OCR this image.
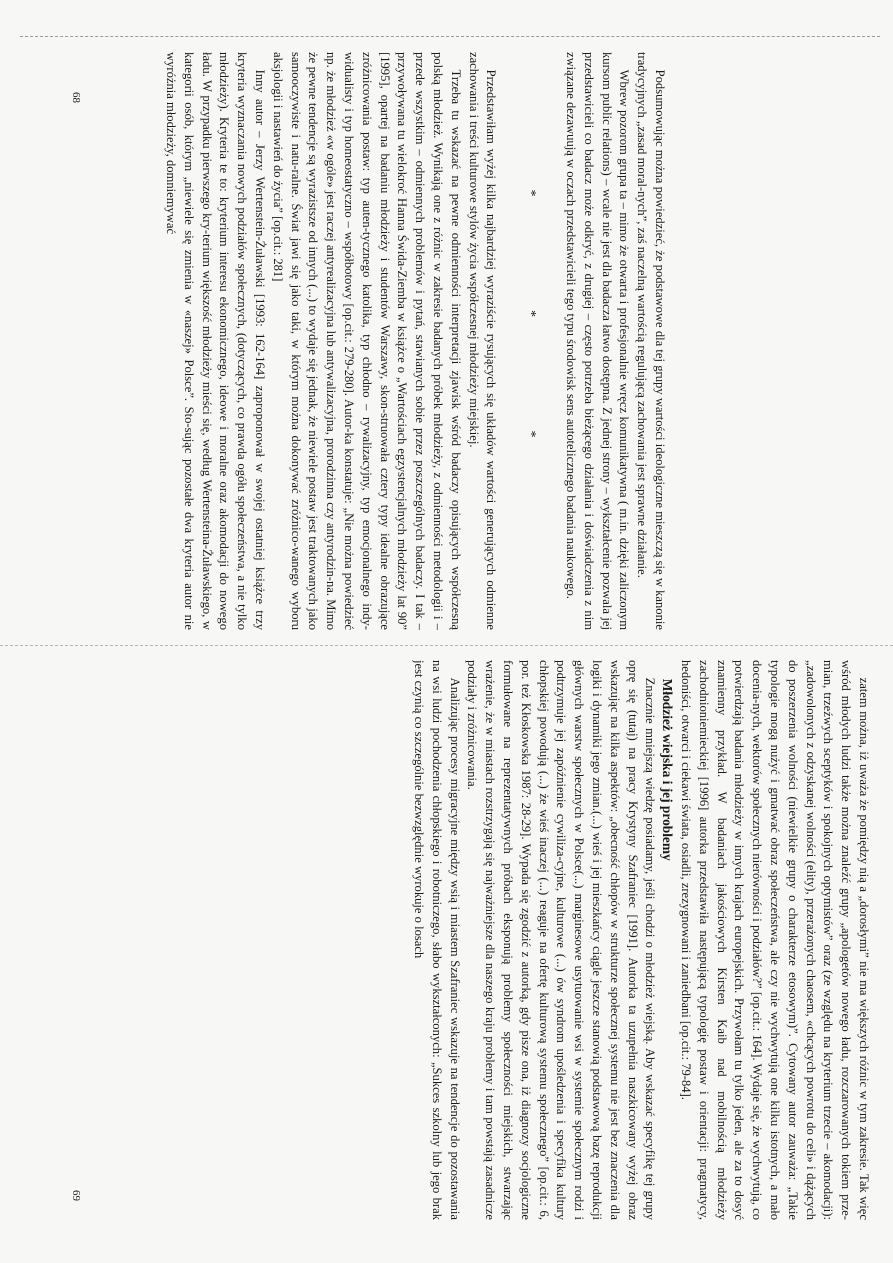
Podsumowując można powiedzieć, że podstawowe dla tej grupy wartości ideologiczne mieszczą się w kanonie tradycyjnych „zasad moral-nych”, zaś naczelną wartością regulującą zachowania jest sprawne działanie.

Wbrew pozorom grupa ta – mimo że otwarta i profesjonalnie wręcz komunikatywna ( m.in. dzięki zaliczonym kursom public relations) – wcale nie jest dla badacza łatwo dostępna. Z jednej strony – wykształcenie pozwala jej przedstawicieli co badacz może odkryć, z drugiej – często potrzeba bieżącego działania i doświadczenia z nim związane dezawuują w oczach przedstawicieli tego typu środowisk sens autotelicznego badania naukowego.

* * *

Przedstawiłam wyżej kilka najbardziej wyraziście rysujących się układów wartości generujących odmienne zachowania i treści kulturowe stylów życia współczesnej młodzieży miejskiej.

Trzeba tu wskazać na pewne odmienności interpretacji zjawisk wśród badaczy opisujących współczesną polską młodzież. Wynikają one z różnic w zakresie badanych próbek młodzieży, z odmienności metodologii i – przede wszystkim – odmiennych problemów i pytań, stawianych sobie przez poszczególnych badaczy. I tak – przywoływana tu wielokroć Hanna Świda-Ziemba w książce o „Wartościach egzystencjalnych młodzieży lat 90” [1995], opartej na badaniu młodzieży i studentów Warszawy, skon-struowała cztery typy idealne obrazujące zróżnicowania postaw: typ auten-tycznego katolika, typ chłodno – rywalizacyjny, typ emocjonalnego indy-widualisty i typ homeostatyczno – współbotowy [op.cit.: 279-280]. Autor-ka konstatuje: „Nie można powiedzieć np. że młodzież «w ogóle» jest raczej antyrealizacyjna lub antywalizacyjna, prorodzinna czy antyrodzin-na. Mimo że pewne tendencje są wyrazistsze od innych (...) to wydaje się jednak, że niewiele postaw jest traktowanych jako samooczywiste i natu-ralne. Świat jawi się jako taki, w którym można dokonywać zróżnico-wanego wyboru aksjologii i nastawień do życia” [op.cit.: 281]

Inny autor – Jerzy Wertenstein-Żuławski [1993: 162-164] zaproponował w swojej ostatniej książce trzy kryteria wyznaczania nowych podziałów społecznych, (dotyczących, co prawda ogółu społeczeństwa, a nie tylko młodzieży). Kryteria te to: kryterium interesu ekonomicznego, ideowe i moralne oraz akomodacji do nowego ładu. W przypadku pierwszego kry-terium większość młodzieży mieści się, według Wertensteina-Żuławskiego, w kategorii osób, którym „niewiele się zmienia w «naszej» Polsce”. Sto-sując pozostałe dwa kryteria autor nie wyróżnia młodzieży, domniemywać

68

zatem można, iż uważa że pomiędzy nią a „dorosłymi” nie ma większych różnic w tym zakresie. Tak więc wśród młodych ludzi także można znaleźć grupy „apologetów nowego ładu, rozczarowanych tokiem prze-mian, trzeźwych sceptyków i spokojnych optymistów” oraz (ze względu na kryterium trzecie – akomodacji): „zadowolonych z odzyskanej wolności (elity), przerażonych chaosem, «chcących powrotu do celi» i dążących do poszerzenia wolności (niewielkie grupy o charakterze etosowym)”. Cytowany autor zauważa: „Takie typologie mogą nużyć i gmatwać obraz społeczeństwa, ale czy nie wychwytują one kilku istotnych, a mało docenia-nych, wektorów społecznych nierówności i podziałów?” [op.cit.: 164]. Wydaje się, że wychwytują, co potwierdzają badania młodzieży w innych krajach europejskich. Przywołam tu tylko jeden, ale za to dosyć znamienny przykład. W badaniach jakościowych Kirsten Kaib nad mobilnością młodzieży zachodnioniemieckiej [1996] autorka przedstawiła następującą typologię postaw i orientacji: pragmatycy, hedoniści, otwarci i ciekawi świata, osiadli, zrezygnowani i zaniedbani [op.cit.: 79-84].

Młodzież wiejska i jej problemy

Znacznie mniejszą wiedzę posiadamy, jeśli chodzi o młodzież wiejską. Aby wskazać specyfikę tej grupy oprę się (tutaj) na pracy Krystyny Szafraniec [1991]. Autorka ta uzupełnia naszkicowany wyżej obraz wskazując na kilka aspektów: „obecność chłopów w strukturze społecznej systemu nie jest bez znaczenia dla logiki i dynamiki jego zmian.(...) wieś i jej mieszkańcy ciągle jeszcze stanowią podstawową bazę reprodukcji głównych warstw społecznych w Polsce(...) marginesowe usytuowanie wsi w systemie społecznym rodzi i podtrzymuje jej zapóźnienie cywiliza-cyjne, kulturowe (...) ów syndrom upośledzenia i specyfika kultury chłopskiej powodują (...) że wieś inaczej (...) reaguje na ofertę kulturową systemu społecznego” [op.cit.: 6, por. też Kłoskowska 1987: 28-29]. Wypada się zgodzić z autorką, gdy pisze ona, iż diagnozy socjologiczne formułowane na reprezentatywnych próbach eksponują problemy społeczności miejskich, stwarzając wrażenie, że w miastach rozstrzygają się najważniejsze dla naszego kraju problemy i tam powstają zasadnicze podziały i zróżnicowania.

Analizując procesy migracyjne między wsią i miastem Szafraniec wskazuje na tendencje do pozostawania na wsi ludzi pochodzenia chłopskiego i robotniczego, słabo wykształconych: „Sukces szkolny lub jego brak jest czynią co szczególnie bezwzględnie wyrokuje o losach

69
